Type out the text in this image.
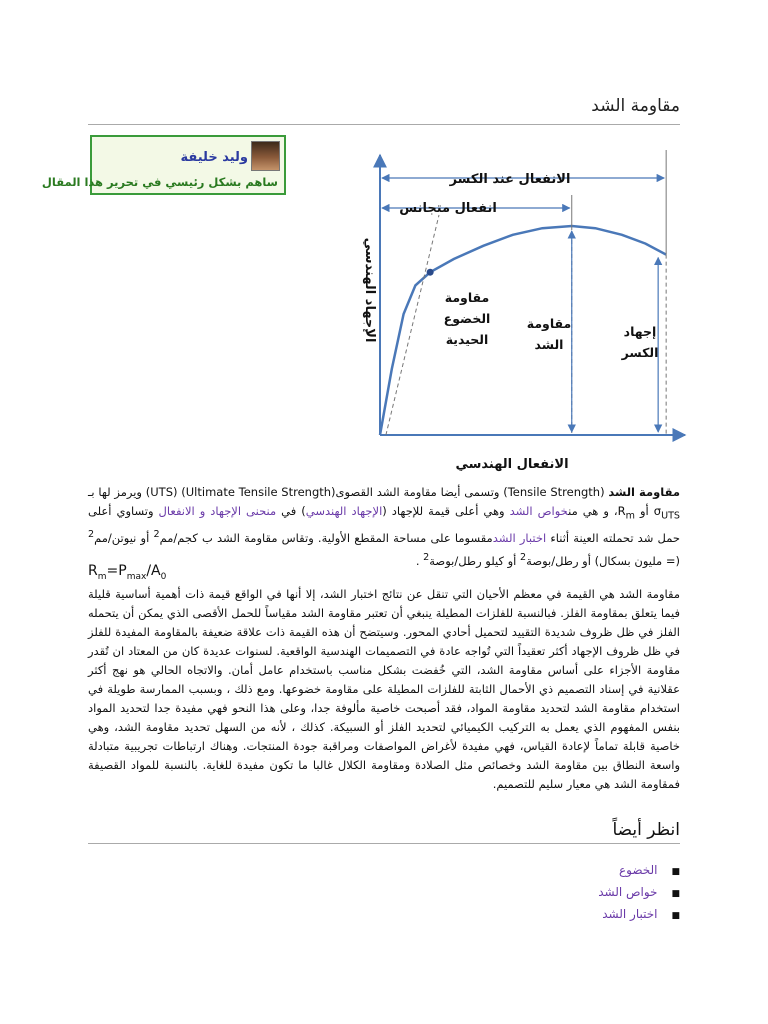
مقاومة الشد
وليد خليفة
ساهم بشكل رئيسي في تحرير هذا المقال	الانفعال عند الكسر
انفعال متجانس
مقاومة
الخضوع
الحيدية
مقاومة
الشد
إجهاد
الكسر
الانفعال الهندسي
الإجهاد الهندسي
مقاومة الشد (Tensile Strength) وتسمى أيضا مقاومة الشد القصوى(Ultimate Tensile Strength) (UTS) ويرمز لها بـ $\sigma_{UTS}$ أو $R_m،$ و هي منخواص الشد وهي أعلى قيمة للإجهاد (الإجهاد الهندسي) في منحنى الإجهاد و الانفعال وتساوي أعلى حمل شد تحملته العينة أثناء اختبار الشدمقسوما على مساحة المقطع الأولية. وتقاس مقاومة الشد ب كجم/مم$^2$ أو نيوتن/مم$^2$ (= مليون بسكال) أو رطل/بوصة$^2$ أو كيلو رطل/بوصة$^2$ .
$R_m=P_{max}/A_0$
مقاومة الشد هي القيمة في معظم الأحيان التي تنقل عن نتائج اختبار الشد، إلا أنها في الواقع قيمة ذات أهمية أساسية قليلة فيما يتعلق بمقاومة الفلز. فبالنسبة للفلزات المطيلة ينبغي أن تعتبر مقاومة الشد مقياساً للحمل الأقصى الذي يمكن أن يتحمله الفلز في ظل ظروف شديدة التقييد لتحميل أحادي المحور. وسيتضح أن هذه القيمة ذات علاقة ضعيفة بالمقاومة المفيدة للفلز في ظل ظروف الإجهاد أكثر تعقيداً التي تُواجه عادة في التصميمات الهندسية الواقعية. لسنوات عديدة كان من المعتاد ان تُقدر مقاومة الأجزاء على أساس مقاومة الشد، التي خُفضت بشكل مناسب باستخدام عامل أمان. والاتجاه الحالي هو نهج أكثر عقلانية في إسناد التصميم ذي الأحمال الثابتة للفلزات المطيلة على مقاومة خضوعها. ومع ذلك ، وبسبب الممارسة طويلة في استخدام مقاومة الشد لتحديد مقاومة المواد، فقد أصبحت خاصية مألوفة جدا، وعلى هذا النحو فهي مفيدة جدا لتحديد المواد بنفس المفهوم الذي يعمل به التركيب الكيميائي لتحديد الفلز أو السبيكة. كذلك ، لأنه من السهل تحديد مقاومة الشد، وهي خاصية قابلة تماماً لإعادة القياس، فهي مفيدة لأغراض المواصفات ومراقبة جودة المنتجات. وهناك ارتباطات تجريبية متبادلة واسعة النطاق بين مقاومة الشد وخصائص مثل الصلادة ومقاومة الكلال غالبا ما تكون مفيدة للغاية. بالنسبة للمواد القصيفة فمقاومة الشد هي معيار سليم للتصميم.
انظر أيضاً
■الخضوع
■خواص الشد
■اختبار الشد
